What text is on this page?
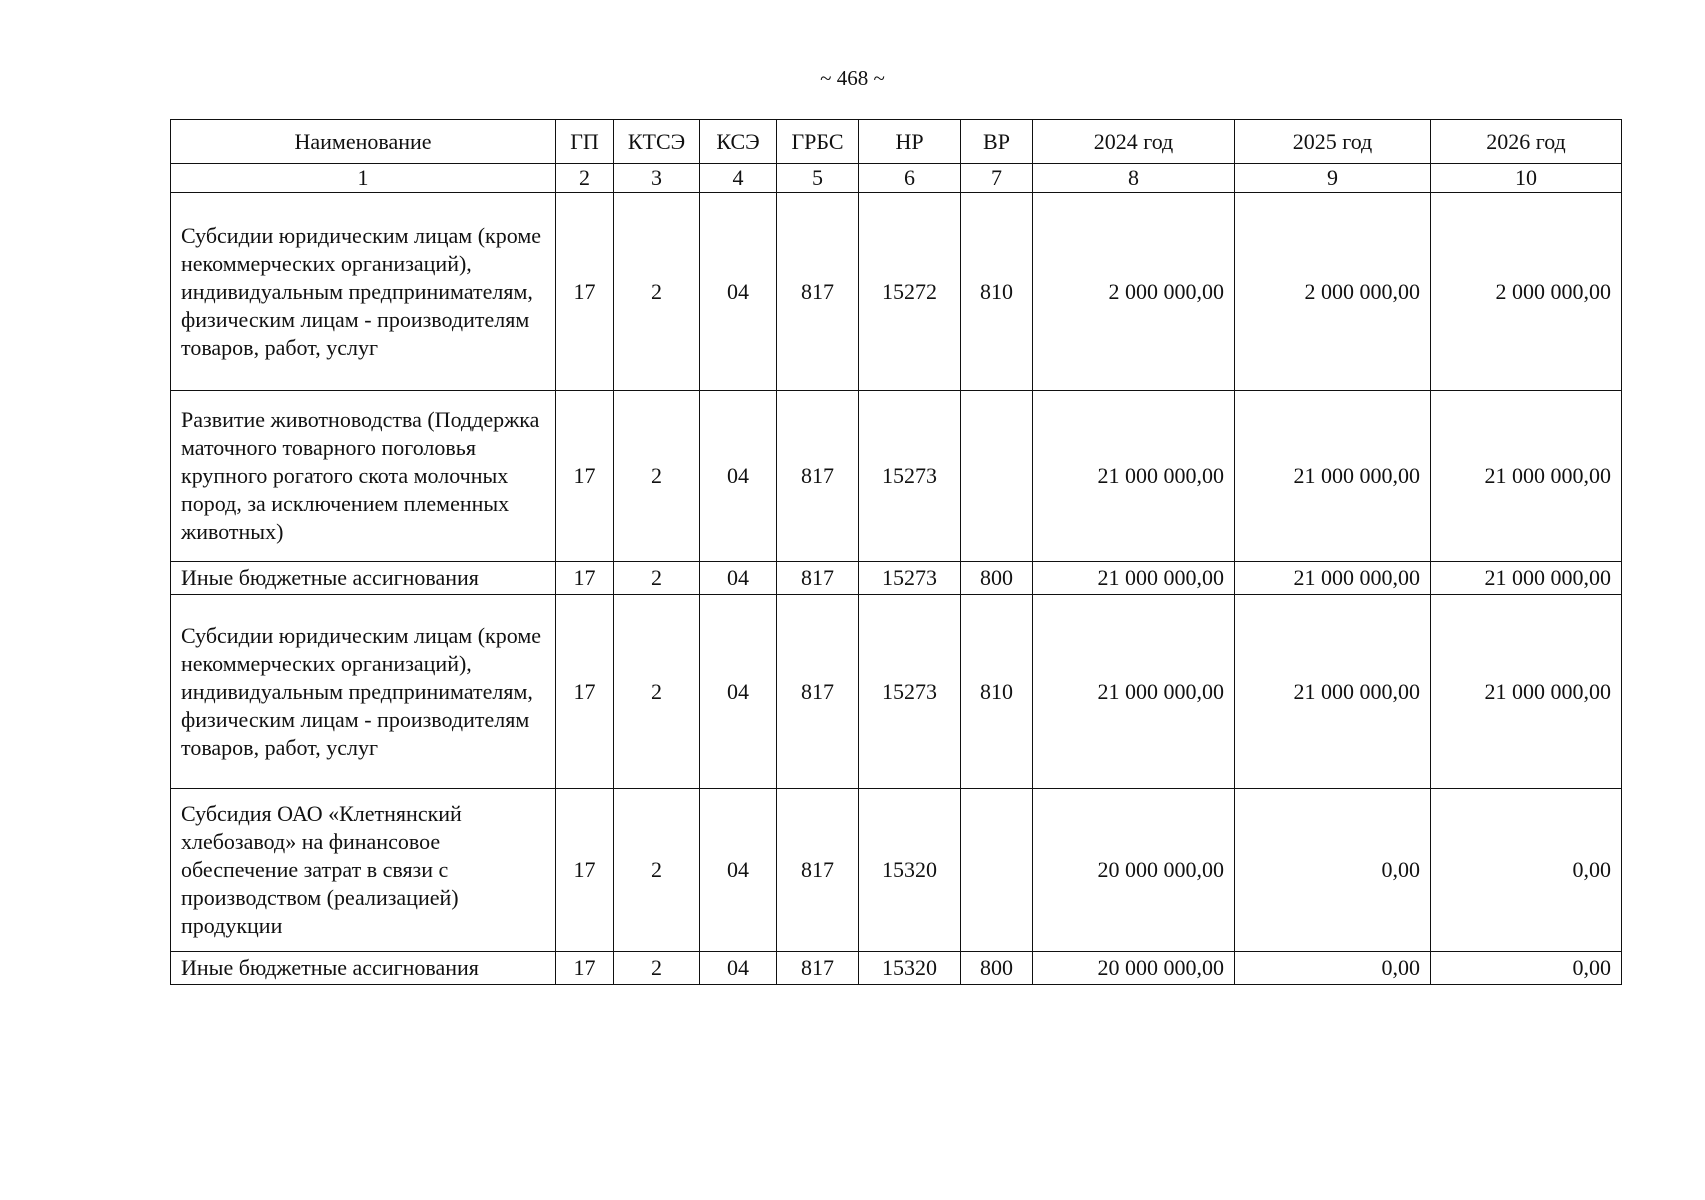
~ 468 ~
Наименование	ГП	КТСЭ	КСЭ	ГРБС	НР	ВР	2024 год	2025 год	2026 год
1	2	3	4	5	6	7	8	9	10
Субсидии юридическим лицам (кроме некоммерческих организаций), индивидуальным предпринимателям, физическим лицам - производителям товаров, работ, услуг	17	2	04	817	15272	810	2 000 000,00	2 000 000,00	2 000 000,00
Развитие животноводства (Поддержка маточного товарного поголовья крупного рогатого скота молочных пород, за исключением племенных животных)	17	2	04	817	15273		21 000 000,00	21 000 000,00	21 000 000,00
Иные бюджетные ассигнования	17	2	04	817	15273	800	21 000 000,00	21 000 000,00	21 000 000,00
Субсидии юридическим лицам (кроме некоммерческих организаций), индивидуальным предпринимателям, физическим лицам - производителям товаров, работ, услуг	17	2	04	817	15273	810	21 000 000,00	21 000 000,00	21 000 000,00
Субсидия ОАО «Клетнянский хлебозавод» на финансовое обеспечение затрат в связи с производством (реализацией) продукции	17	2	04	817	15320		20 000 000,00	0,00	0,00
Иные бюджетные ассигнования	17	2	04	817	15320	800	20 000 000,00	0,00	0,00
